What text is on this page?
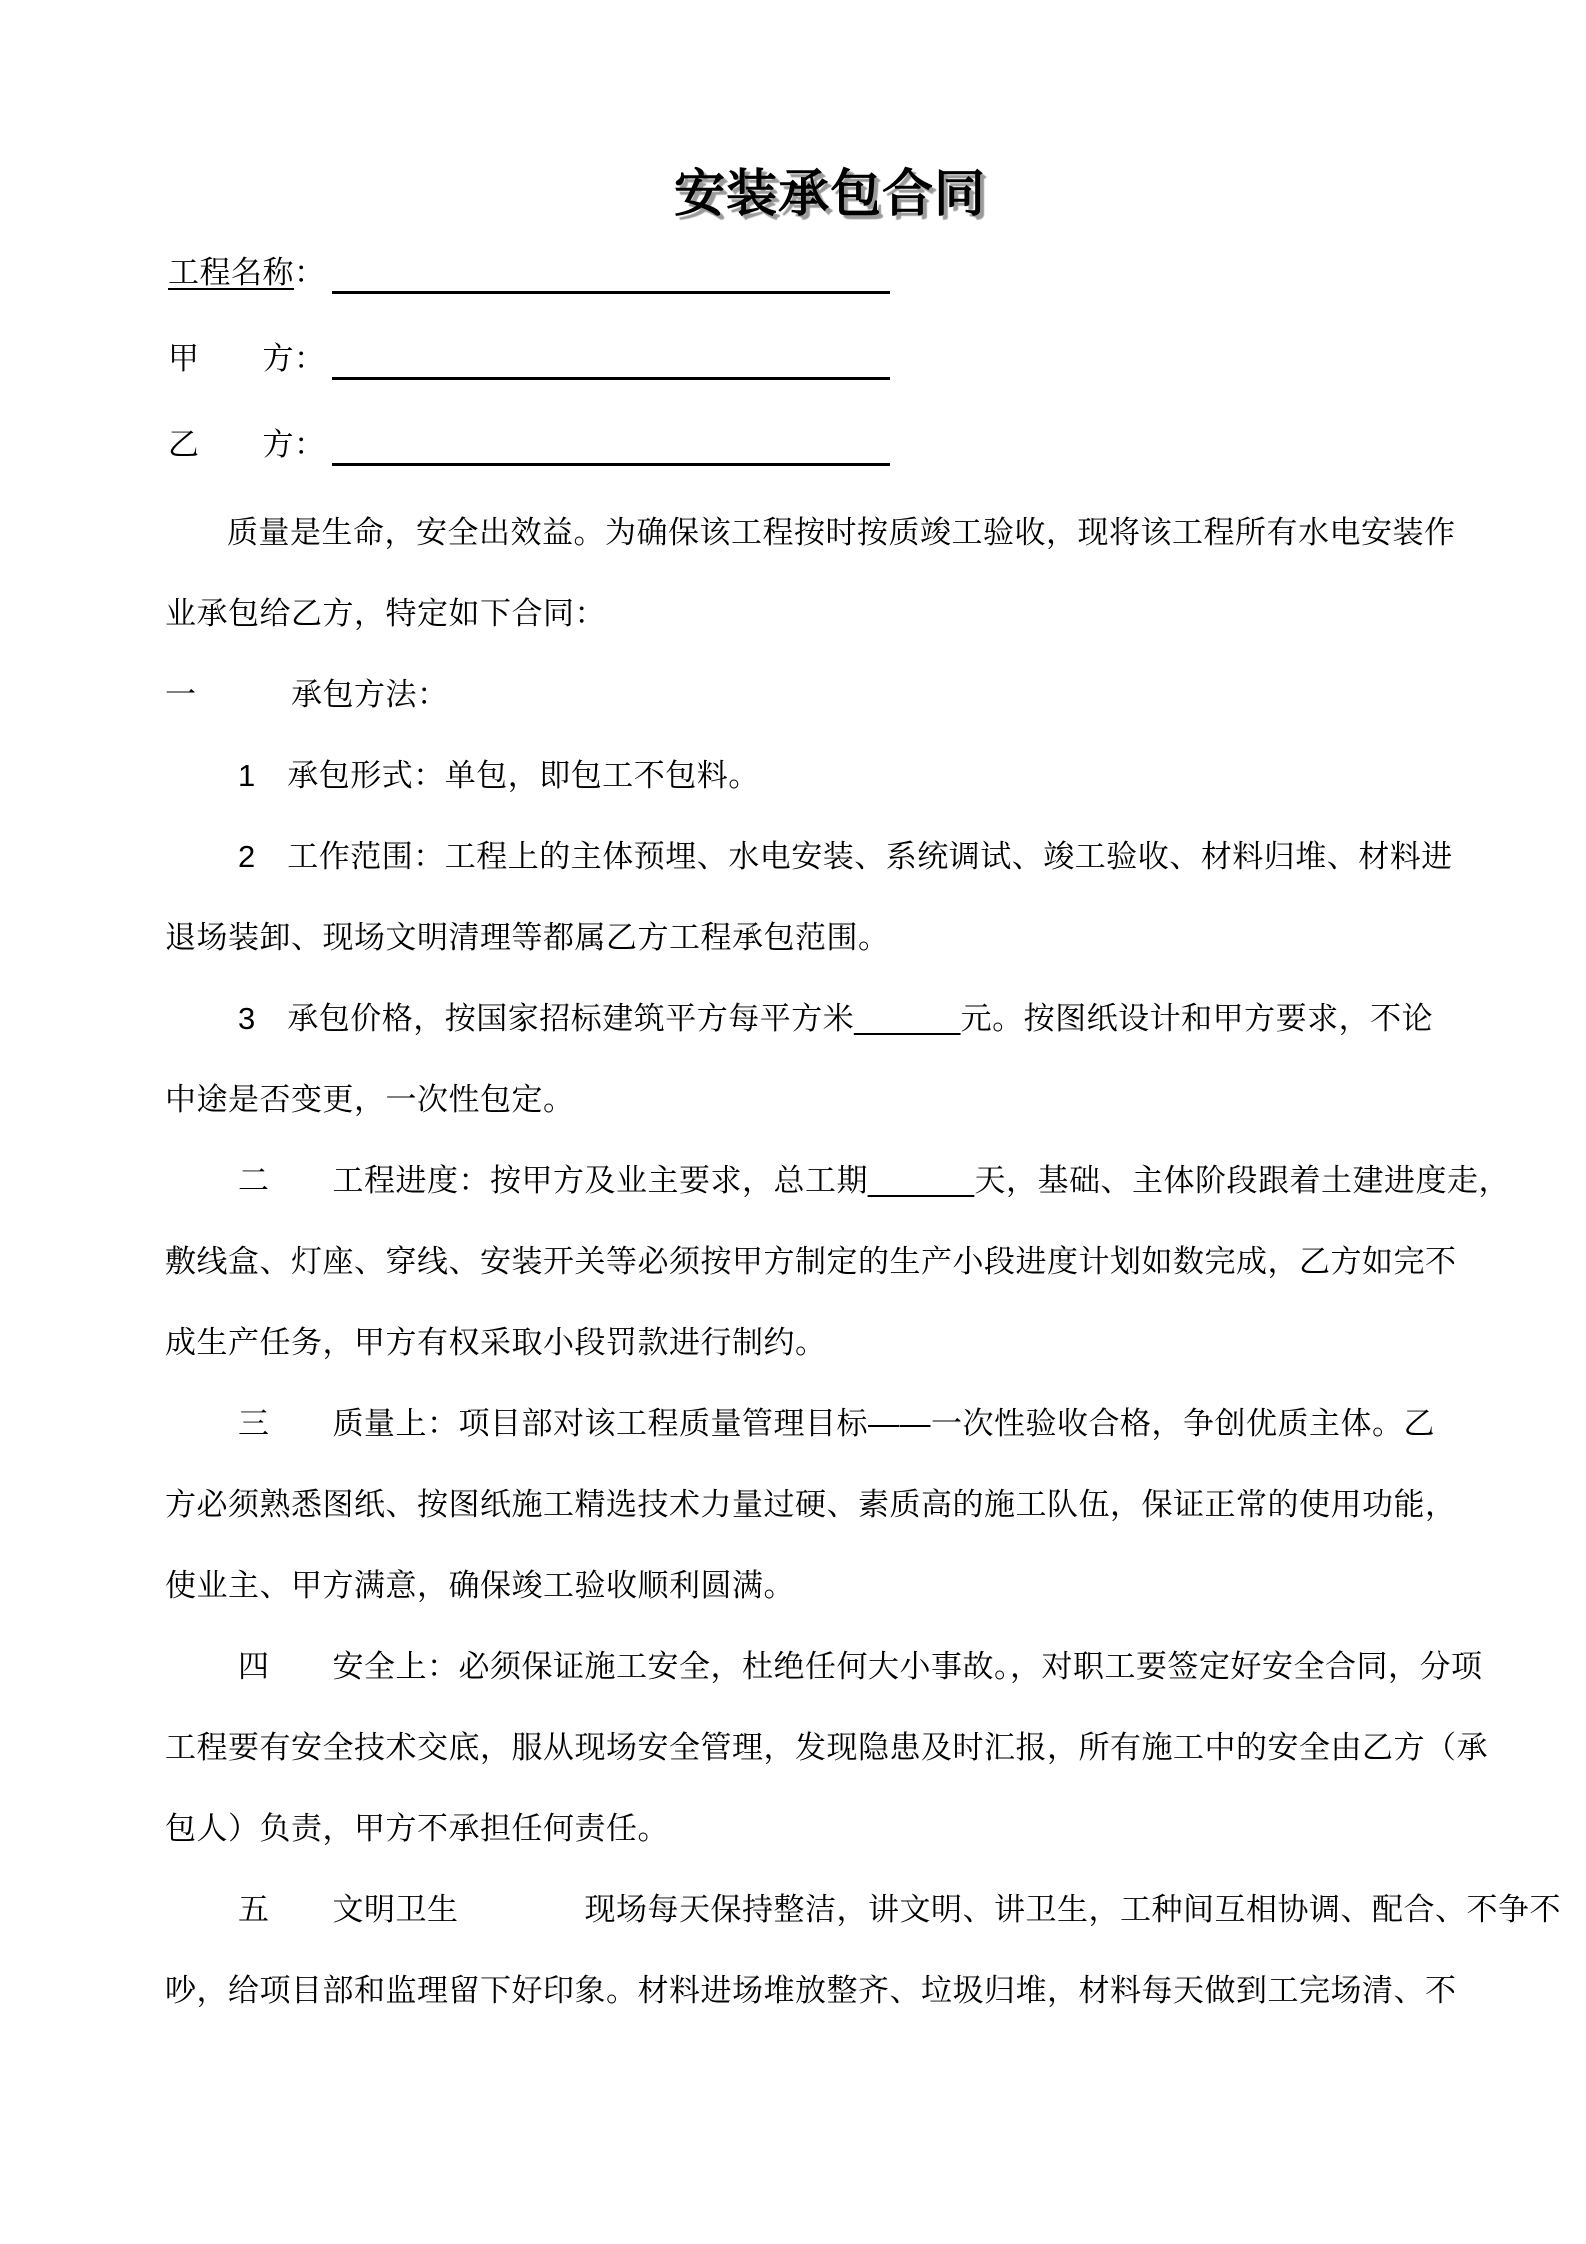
安装承包合同
工程名称：
甲　　方：
乙　　方：
质量是生命，安全出效益。为确保该工程按时按质竣工验收，现将该工程所有水电安装作
业承包给乙方，特定如下合同：
一　　　承包方法：
1　承包形式：单包，即包工不包料。
2　工作范围：工程上的主体预埋、水电安装、系统调试、竣工验收、材料归堆、材料进
退场装卸、现场文明清理等都属乙方工程承包范围。
3　承包价格，按国家招标建筑平方每平方米______元。按图纸设计和甲方要求，不论
中途是否变更，一次性包定。
二　　工程进度：按甲方及业主要求，总工期______天，基础、主体阶段跟着土建进度走，
敷线盒、灯座、穿线、安装开关等必须按甲方制定的生产小段进度计划如数完成，乙方如完不
成生产任务，甲方有权采取小段罚款进行制约。
三　　质量上：项目部对该工程质量管理目标——一次性验收合格，争创优质主体。乙
方必须熟悉图纸、按图纸施工精选技术力量过硬、素质高的施工队伍，保证正常的使用功能，
使业主、甲方满意，确保竣工验收顺利圆满。
四　　安全上：必须保证施工安全，杜绝任何大小事故。，对职工要签定好安全合同，分项
工程要有安全技术交底，服从现场安全管理，发现隐患及时汇报，所有施工中的安全由乙方（承
包人）负责，甲方不承担任何责任。
五　　文明卫生　　　　现场每天保持整洁，讲文明、讲卫生，工种间互相协调、配合、不争不
吵，给项目部和监理留下好印象。材料进场堆放整齐、垃圾归堆，材料每天做到工完场清、不
